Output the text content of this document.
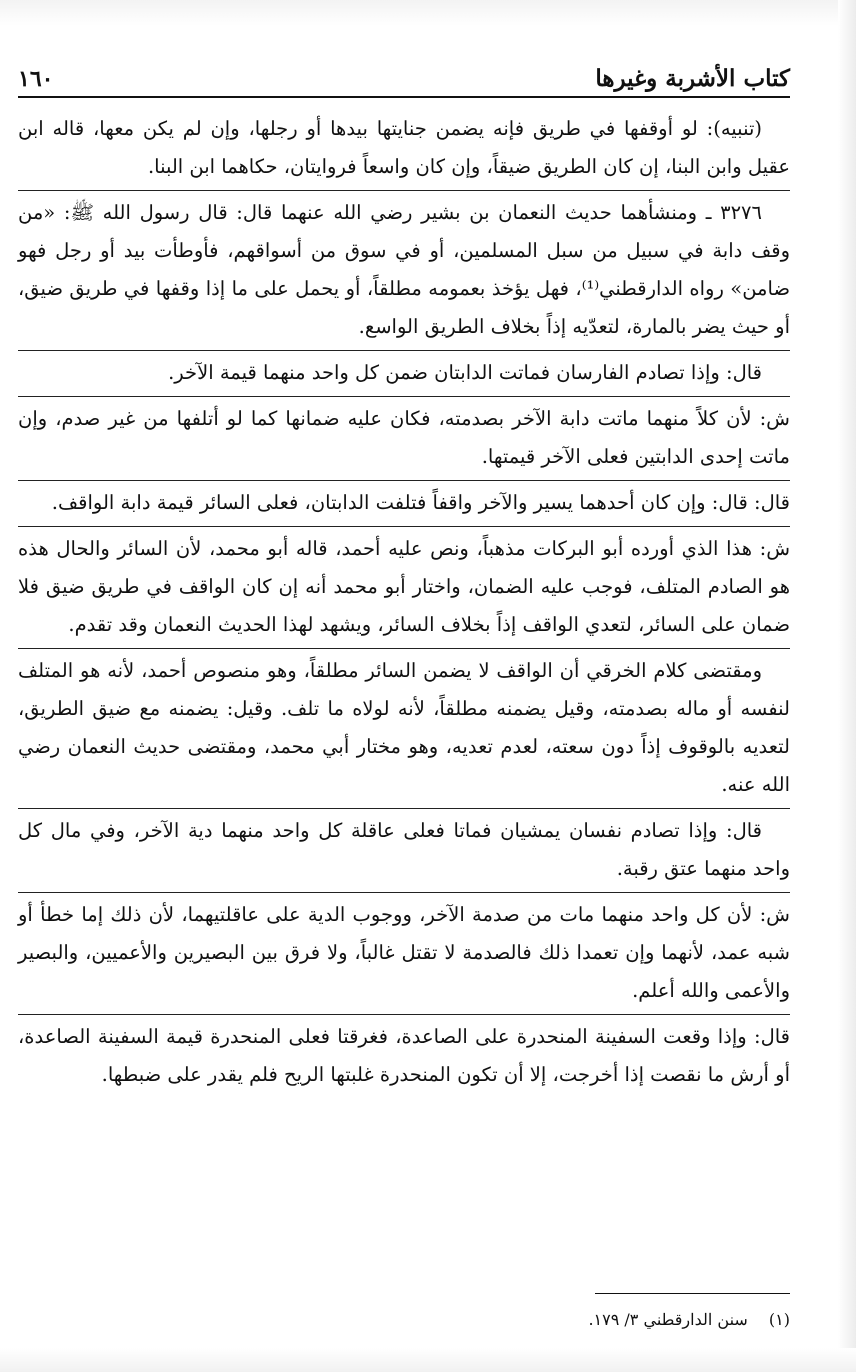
كتاب الأشربة وغيرها
١٦٠

(تنبيه): لو أوقفها في طريق فإنه يضمن جنايتها بيدها أو رجلها، وإن لم يكن معها، قاله ابن عقيل وابن البنا، إن كان الطريق ضيقاً، وإن كان واسعاً فروايتان، حكاهما ابن البنا.

٣٢٧٦ ـ ومنشأهما حديث النعمان بن بشير رضي الله عنهما قال: قال رسول الله ﷺ: «من وقف دابة في سبيل من سبل المسلمين، أو في سوق من أسواقهم، فأوطأت بيد أو رجل فهو ضامن» رواه الدارقطني⁽¹⁾، فهل يؤخذ بعمومه مطلقاً، أو يحمل على ما إذا وقفها في طريق ضيق، أو حيث يضر بالمارة، لتعدّيه إذاً بخلاف الطريق الواسع.

قال: وإذا تصادم الفارسان فماتت الدابتان ضمن كل واحد منهما قيمة الآخر.

ش: لأن كلاً منهما ماتت دابة الآخر بصدمته، فكان عليه ضمانها كما لو أتلفها من غير صدم، وإن ماتت إحدى الدابتين فعلى الآخر قيمتها.

قال: قال: وإن كان أحدهما يسير والآخر واقفاً فتلفت الدابتان، فعلى السائر قيمة دابة الواقف.

ش: هذا الذي أورده أبو البركات مذهباً، ونص عليه أحمد، قاله أبو محمد، لأن السائر والحال هذه هو الصادم المتلف، فوجب عليه الضمان، واختار أبو محمد أنه إن كان الواقف في طريق ضيق فلا ضمان على السائر، لتعدي الواقف إذاً بخلاف السائر، ويشهد لهذا الحديث النعمان وقد تقدم.

ومقتضى كلام الخرقي أن الواقف لا يضمن السائر مطلقاً، وهو منصوص أحمد، لأنه هو المتلف لنفسه أو ماله بصدمته، وقيل يضمنه مطلقاً، لأنه لولاه ما تلف. وقيل: يضمنه مع ضيق الطريق، لتعديه بالوقوف إذاً دون سعته، لعدم تعديه، وهو مختار أبي محمد، ومقتضى حديث النعمان رضي الله عنه.

قال: وإذا تصادم نفسان يمشيان فماتا فعلى عاقلة كل واحد منهما دية الآخر، وفي مال كل واحد منهما عتق رقبة.

ش: لأن كل واحد منهما مات من صدمة الآخر، ووجوب الدية على عاقلتيهما، لأن ذلك إما خطأ أو شبه عمد، لأنهما وإن تعمدا ذلك فالصدمة لا تقتل غالباً، ولا فرق بين البصيرين والأعميين، والبصير والأعمى والله أعلم.

قال: وإذا وقعت السفينة المنحدرة على الصاعدة، فغرقتا فعلى المنحدرة قيمة السفينة الصاعدة، أو أرش ما نقصت إذا أخرجت، إلا أن تكون المنحدرة غلبتها الريح فلم يقدر على ضبطها.

(١) سنن الدارقطني ٣/ ١٧٩.
